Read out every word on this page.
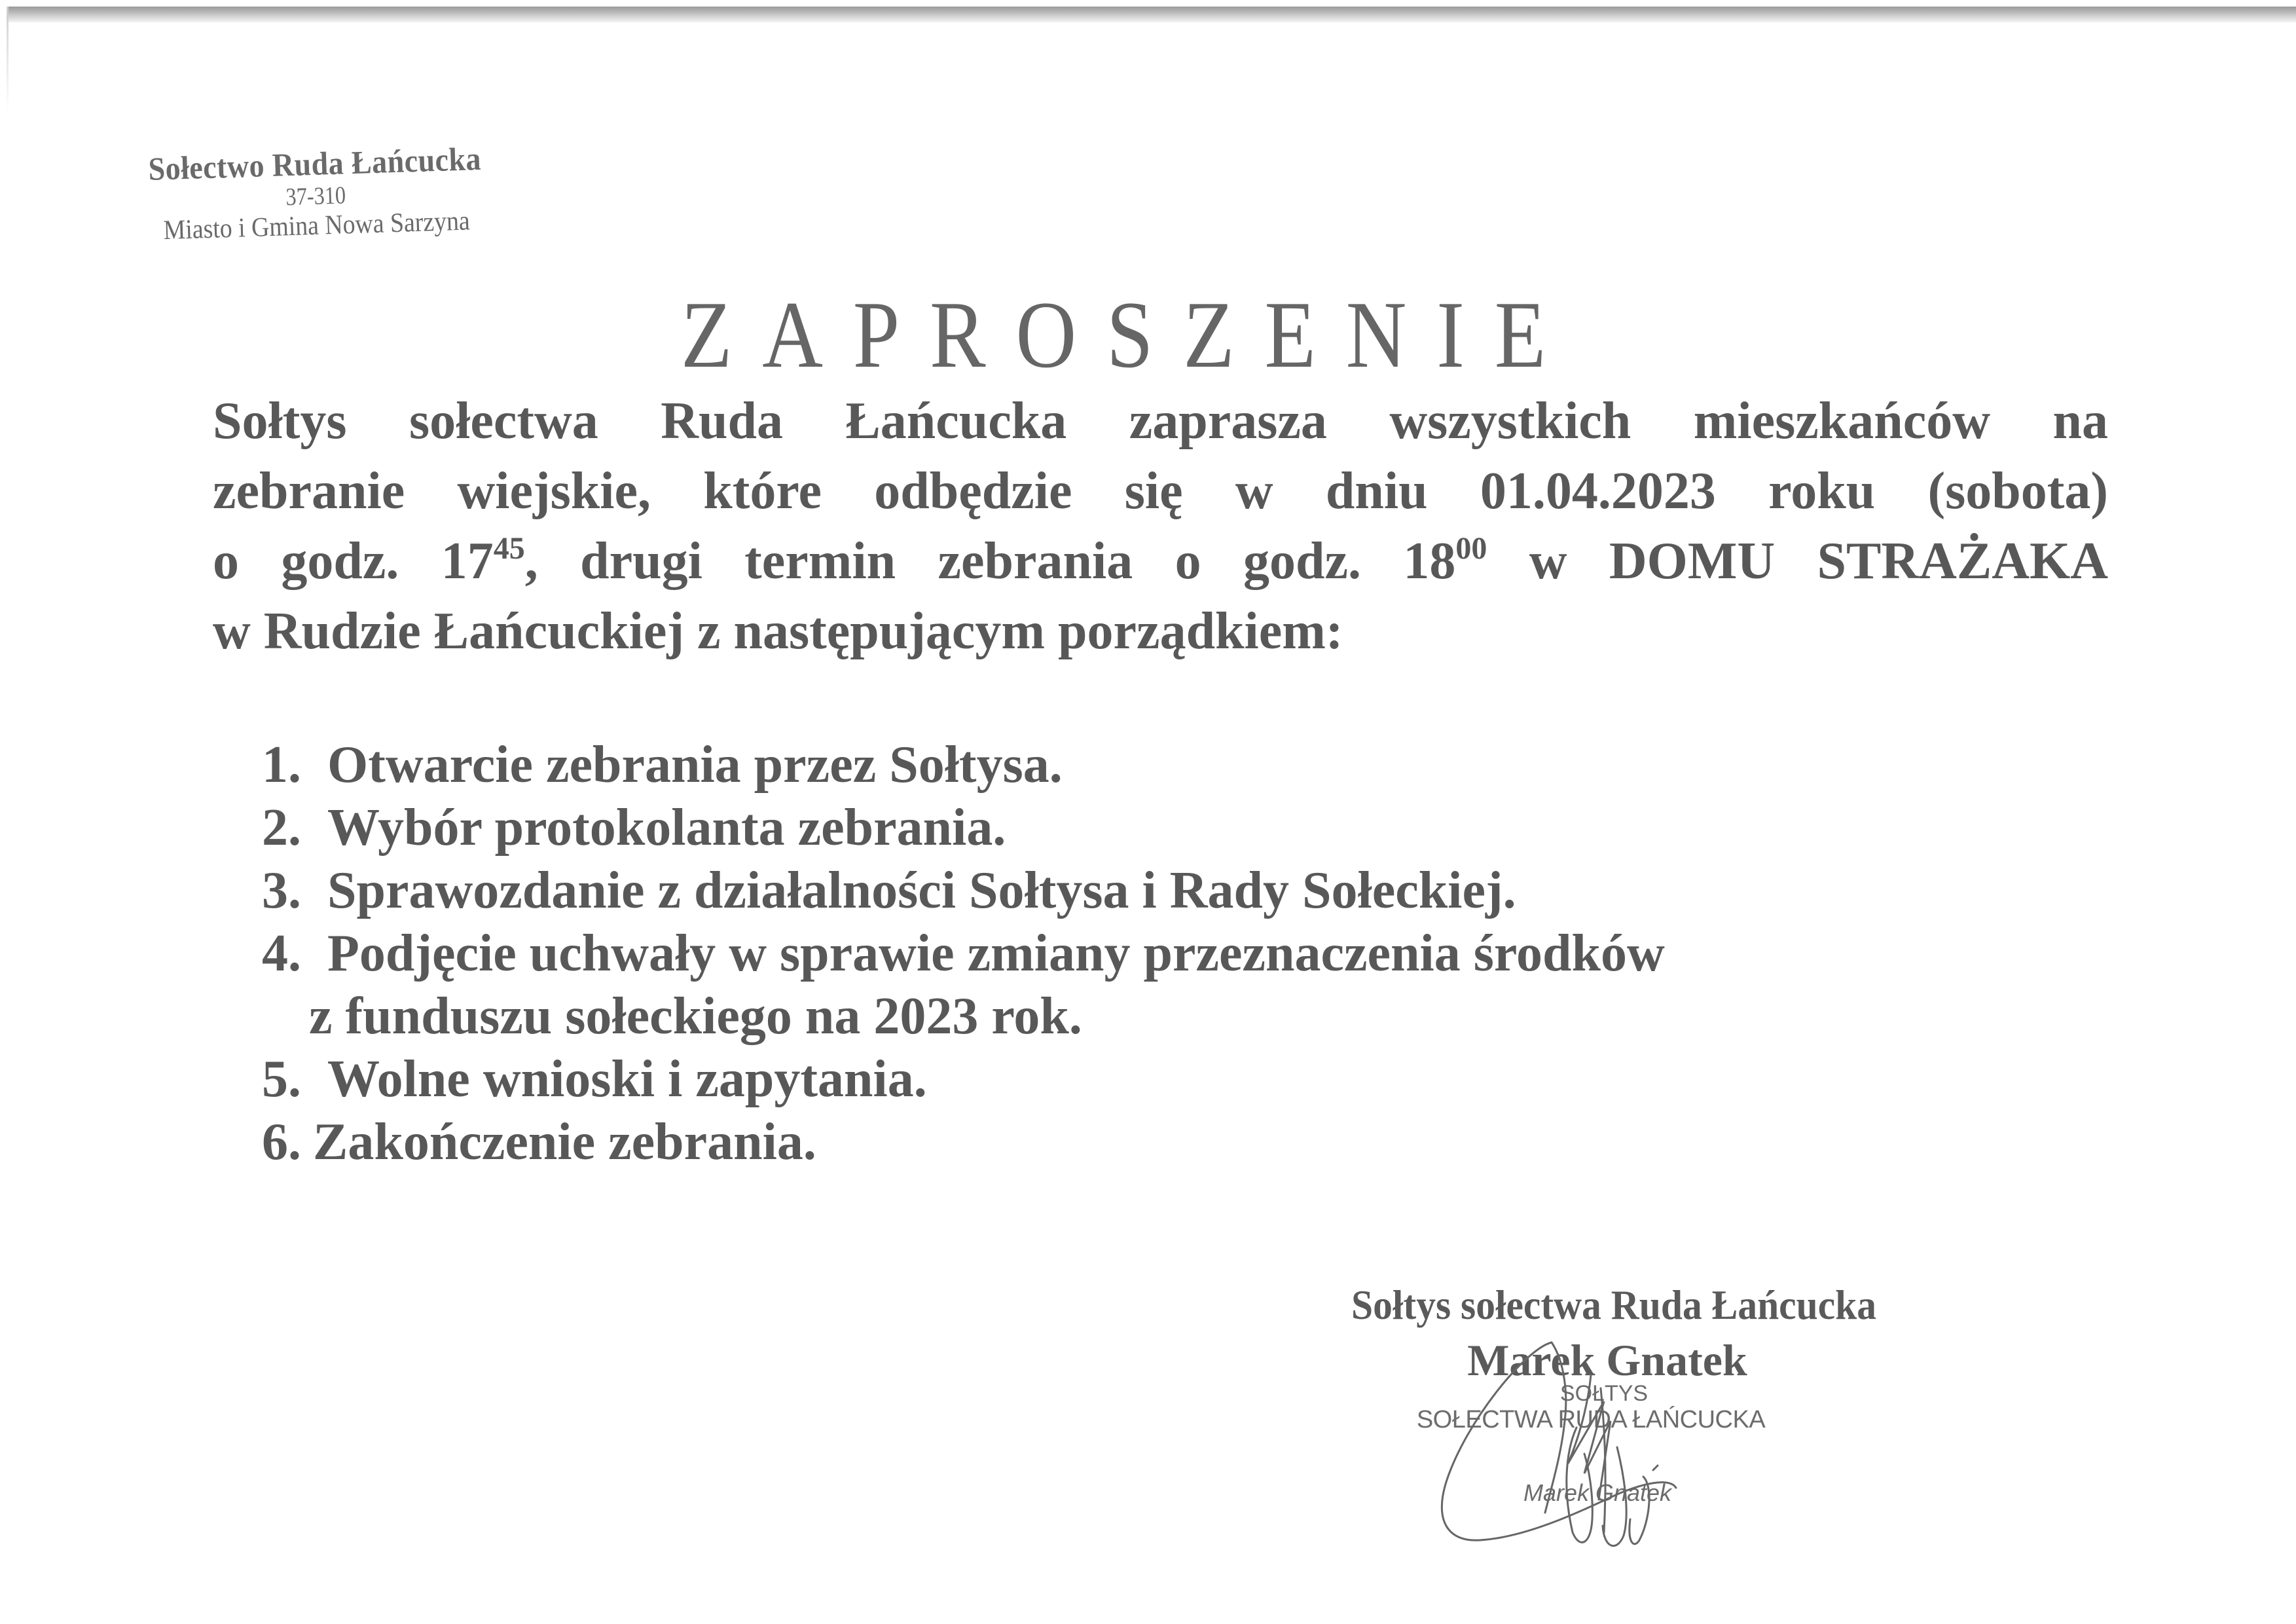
Sołectwo Ruda Łańcucka
37-310
Miasto i Gmina Nowa Sarzyna
ZAPROSZENIE
Sołtys sołectwa Ruda Łańcucka zaprasza wszystkich mieszkańców na
zebranie wiejskie, które odbędzie się w dniu 01.04.2023 roku (sobota)
o godz. $17^{45}$, drugi termin zebrania o godz. $18^{00}$ w DOMU STRAŻAKA
w Rudzie Łańcuckiej z następującym porządkiem:
1. Otwarcie zebrania przez Sołtysa.
2. Wybór protokolanta zebrania.
3. Sprawozdanie z działalności Sołtysa i Rady Sołeckiej.
4. Podjęcie uchwały w sprawie zmiany przeznaczenia środków
z funduszu sołeckiego na 2023 rok.
5. Wolne wnioski i zapytania.
6. Zakończenie zebrania.
Sołtys sołectwa Ruda Łańcucka
Marek Gnatek
SOŁTYS
SOŁECTWA RUDA ŁAŃCUCKA
Marek Gnatek
